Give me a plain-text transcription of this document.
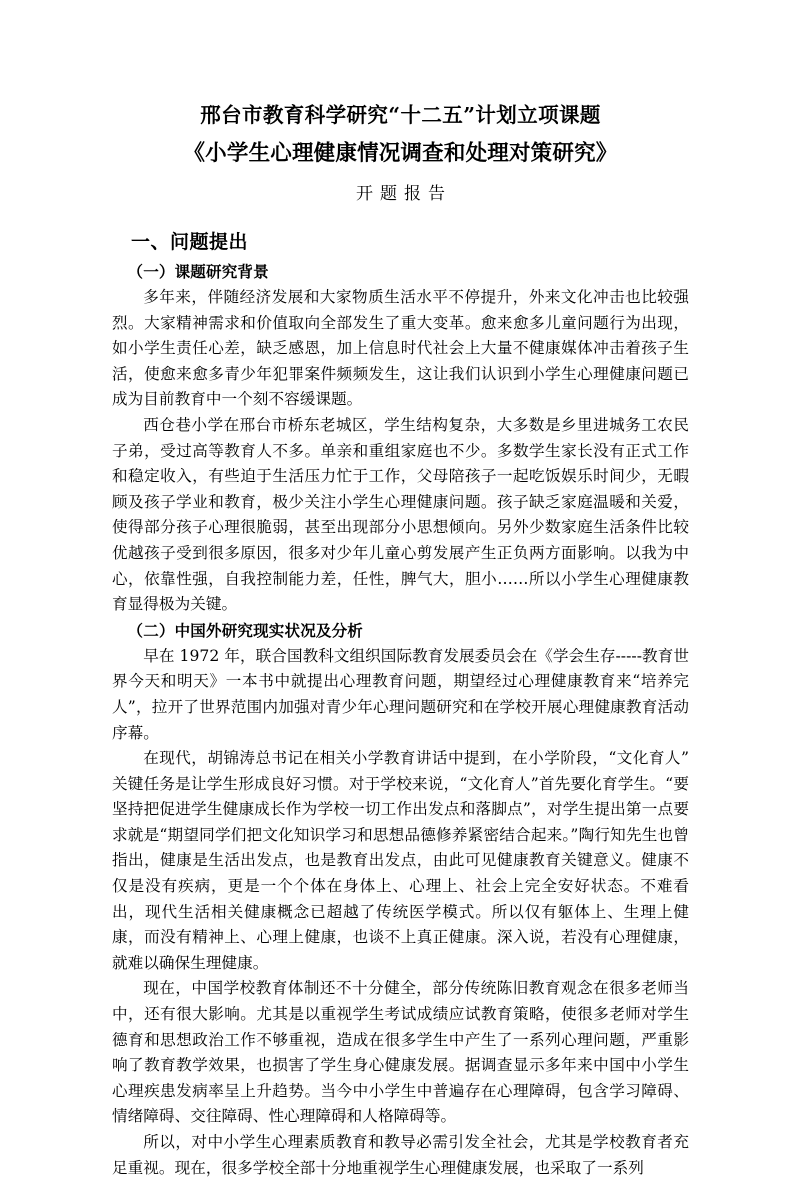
邢台市教育科学研究“十二五”计划立项课题
《小学生心理健康情况调查和处理对策研究》
开题报告
一、问题提出
（一）课题研究背景

多年来，伴随经济发展和大家物质生活水平不停提升，外来文化冲击也比较强烈。大家精神需求和价值取向全部发生了重大变革。愈来愈多儿童问题行为出现，如小学生责任心差，缺乏感恩，加上信息时代社会上大量不健康媒体冲击着孩子生活，使愈来愈多青少年犯罪案件频频发生，这让我们认识到小学生心理健康问题已成为目前教育中一个刻不容缓课题。

西仓巷小学在邢台市桥东老城区，学生结构复杂，大多数是乡里进城务工农民子弟，受过高等教育人不多。单亲和重组家庭也不少。多数学生家长没有正式工作和稳定收入，有些迫于生活压力忙于工作，父母陪孩子一起吃饭娱乐时间少，无暇顾及孩子学业和教育，极少关注小学生心理健康问题。孩子缺乏家庭温暖和关爱，使得部分孩子心理很脆弱，甚至出现部分小思想倾向。另外少数家庭生活条件比较优越孩子受到很多原因，很多对少年儿童心剪发展产生正负两方面影响。以我为中心，依靠性强，自我控制能力差，任性，脾气大，胆小……所以小学生心理健康教育显得极为关键。

（二）中国外研究现实状况及分析

早在 1972 年，联合国教科文组织国际教育发展委员会在《学会生存-----教育世界今天和明天》一本书中就提出心理教育问题，期望经过心理健康教育来“培养完人”，拉开了世界范围内加强对青少年心理问题研究和在学校开展心理健康教育活动序幕。

在现代，胡锦涛总书记在相关小学教育讲话中提到，在小学阶段，“文化育人”关键任务是让学生形成良好习惯。对于学校来说，“文化育人”首先要化育学生。“要坚持把促进学生健康成长作为学校一切工作出发点和落脚点”，对学生提出第一点要求就是“期望同学们把文化知识学习和思想品德修养紧密结合起来。”陶行知先生也曾指出，健康是生活出发点，也是教育出发点，由此可见健康教育关键意义。健康不仅是没有疾病，更是一个个体在身体上、心理上、社会上完全安好状态。不难看出，现代生活相关健康概念已超越了传统医学模式。所以仅有躯体上、生理上健康，而没有精神上、心理上健康，也谈不上真正健康。深入说，若没有心理健康，就难以确保生理健康。

现在，中国学校教育体制还不十分健全，部分传统陈旧教育观念在很多老师当中，还有很大影响。尤其是以重视学生考试成绩应试教育策略，使很多老师对学生德育和思想政治工作不够重视，造成在很多学生中产生了一系列心理问题，严重影响了教育教学效果，也损害了学生身心健康发展。据调查显示多年来中国中小学生心理疾患发病率呈上升趋势。当今中小学生中普遍存在心理障碍，包含学习障碍、情绪障碍、交往障碍、性心理障碍和人格障碍等。

所以，对中小学生心理素质教育和教导必需引发全社会，尤其是学校教育者充足重视。现在，很多学校全部十分地重视学生心理健康发展，也采取了一系列
